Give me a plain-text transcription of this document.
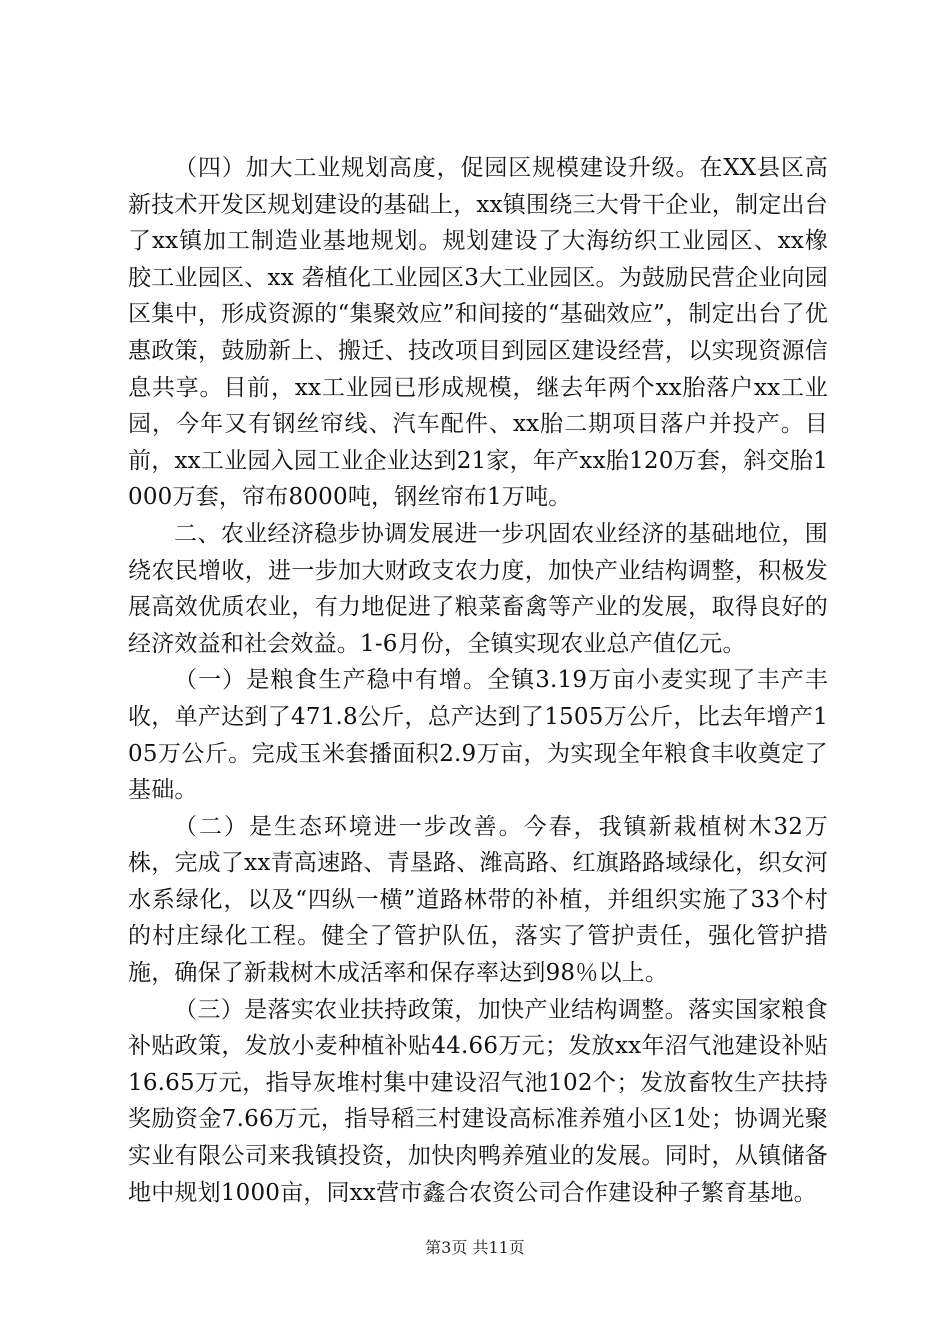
（四）加大工业规划高度，促园区规模建设升级。在XX县区高新技术开发区规划建设的基础上，xx镇围绕三大骨干企业，制定出台了xx镇加工制造业基地规划。规划建设了大海纺织工业园区、xx橡胶工业园区、xx 砻植化工业园区3大工业园区。为鼓励民营企业向园区集中，形成资源的“集聚效应”和间接的“基础效应”，制定出台了优惠政策，鼓励新上、搬迁、技改项目到园区建设经营，以实现资源信息共享。目前，xx工业园已形成规模，继去年两个xx胎落户xx工业园，今年又有钢丝帘线、汽车配件、xx胎二期项目落户并投产。目前，xx工业园入园工业企业达到21家，年产xx胎120万套，斜交胎1000万套，帘布8000吨，钢丝帘布1万吨。

二、农业经济稳步协调发展进一步巩固农业经济的基础地位，围绕农民增收，进一步加大财政支农力度，加快产业结构调整，积极发展高效优质农业，有力地促进了粮菜畜禽等产业的发展，取得良好的经济效益和社会效益。1-6月份，全镇实现农业总产值亿元。

（一）是粮食生产稳中有增。全镇3.19万亩小麦实现了丰产丰收，单产达到了471.8公斤，总产达到了1505万公斤，比去年增产105万公斤。完成玉米套播面积2.9万亩，为实现全年粮食丰收奠定了基础。

（二）是生态环境进一步改善。今春，我镇新栽植树木32万株，完成了xx青高速路、青垦路、潍高路、红旗路路域绿化，织女河水系绿化，以及“四纵一横”道路林带的补植，并组织实施了33个村的村庄绿化工程。健全了管护队伍，落实了管护责任，强化管护措施，确保了新栽树木成活率和保存率达到98％以上。

（三）是落实农业扶持政策，加快产业结构调整。落实国家粮食补贴政策，发放小麦种植补贴44.66万元；发放xx年沼气池建设补贴16.65万元，指导灰堆村集中建设沼气池102个；发放畜牧生产扶持奖励资金7.66万元，指导稻三村建设高标准养殖小区1处；协调光聚实业有限公司来我镇投资，加快肉鸭养殖业的发展。同时，从镇储备地中规划1000亩，同xx营市鑫合农资公司合作建设种子繁育基地。

第3页 共11页
